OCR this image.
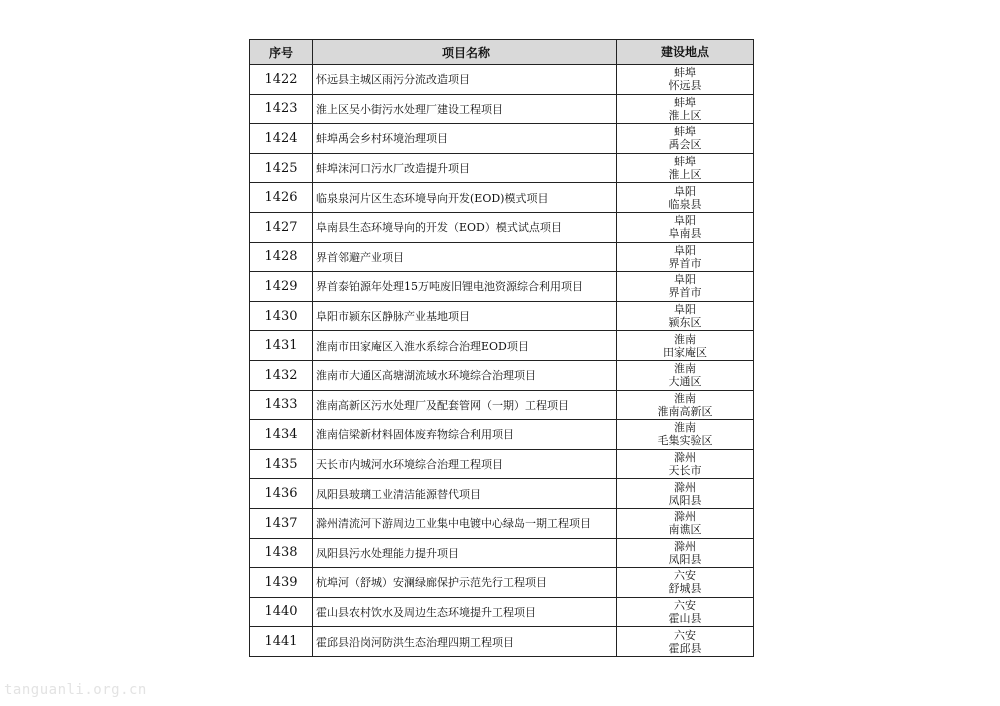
序号	项目名称	建设地点
1422	怀远县主城区雨污分流改造项目	蚌埠
怀远县

1423	淮上区吴小街污水处理厂建设工程项目	蚌埠
淮上区

1424	蚌埠禹会乡村环境治理项目	蚌埠
禹会区

1425	蚌埠沫河口污水厂改造提升项目	蚌埠
淮上区

1426	临泉泉河片区生态环境导向开发(EOD)模式项目	阜阳
临泉县

1427	阜南县生态环境导向的开发（EOD）模式试点项目	阜阳
阜南县

1428	界首邻避产业项目	阜阳
界首市

1429	界首泰铂源年处理15万吨废旧锂电池资源综合利用项目	阜阳
界首市

1430	阜阳市颍东区静脉产业基地项目	阜阳
颍东区

1431	淮南市田家庵区入淮水系综合治理EOD项目	淮南
田家庵区

1432	淮南市大通区高塘湖流域水环境综合治理项目	淮南
大通区

1433	淮南高新区污水处理厂及配套管网（一期）工程项目	淮南
淮南高新区

1434	淮南信梁新材料固体废弃物综合利用项目	淮南
毛集实验区

1435	天长市内城河水环境综合治理工程项目	滁州
天长市

1436	凤阳县玻璃工业清洁能源替代项目	滁州
凤阳县

1437	滁州清流河下游周边工业集中电镀中心绿岛一期工程项目	滁州
南谯区

1438	凤阳县污水处理能力提升项目	滁州
凤阳县

1439	杭埠河（舒城）安澜绿廊保护示范先行工程项目	六安
舒城县

1440	霍山县农村饮水及周边生态环境提升工程项目	六安
霍山县

1441	霍邱县沿岗河防洪生态治理四期工程项目	六安
霍邱县
tanguanli.org.cn
